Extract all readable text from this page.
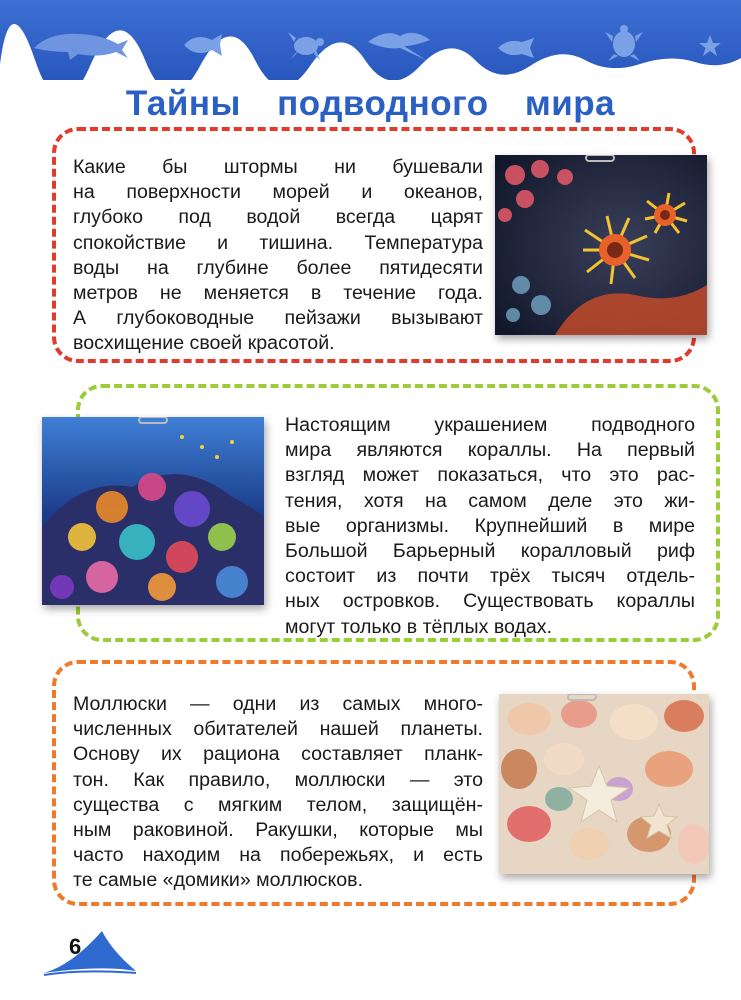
Тайны подводного мира
Какие бы штормы ни бушевали
на поверхности морей и океанов,
глубоко под водой всегда царят
спокойствие и тишина. Температура
воды на глубине более пятидесяти
метров не меняется в течение года.
А глубоководные пейзажи вызывают
восхищение своей красотой.
Настоящим украшением подводного
мира являются кораллы. На первый
взгляд может показаться, что это рас-
тения, хотя на самом деле это жи-
вые организмы. Крупнейший в мире
Большой Барьерный коралловый риф
состоит из почти трёх тысяч отдель-
ных островков. Существовать кораллы
могут только в тёплых водах.
Моллюски — одни из самых много-
численных обитателей нашей планеты.
Основу их рациона составляет планк-
тон. Как правило, моллюски — это
существа с мягким телом, защищён-
ным раковиной. Ракушки, которые мы
часто находим на побережьях, и есть
те самые «домики» моллюсков.
6
